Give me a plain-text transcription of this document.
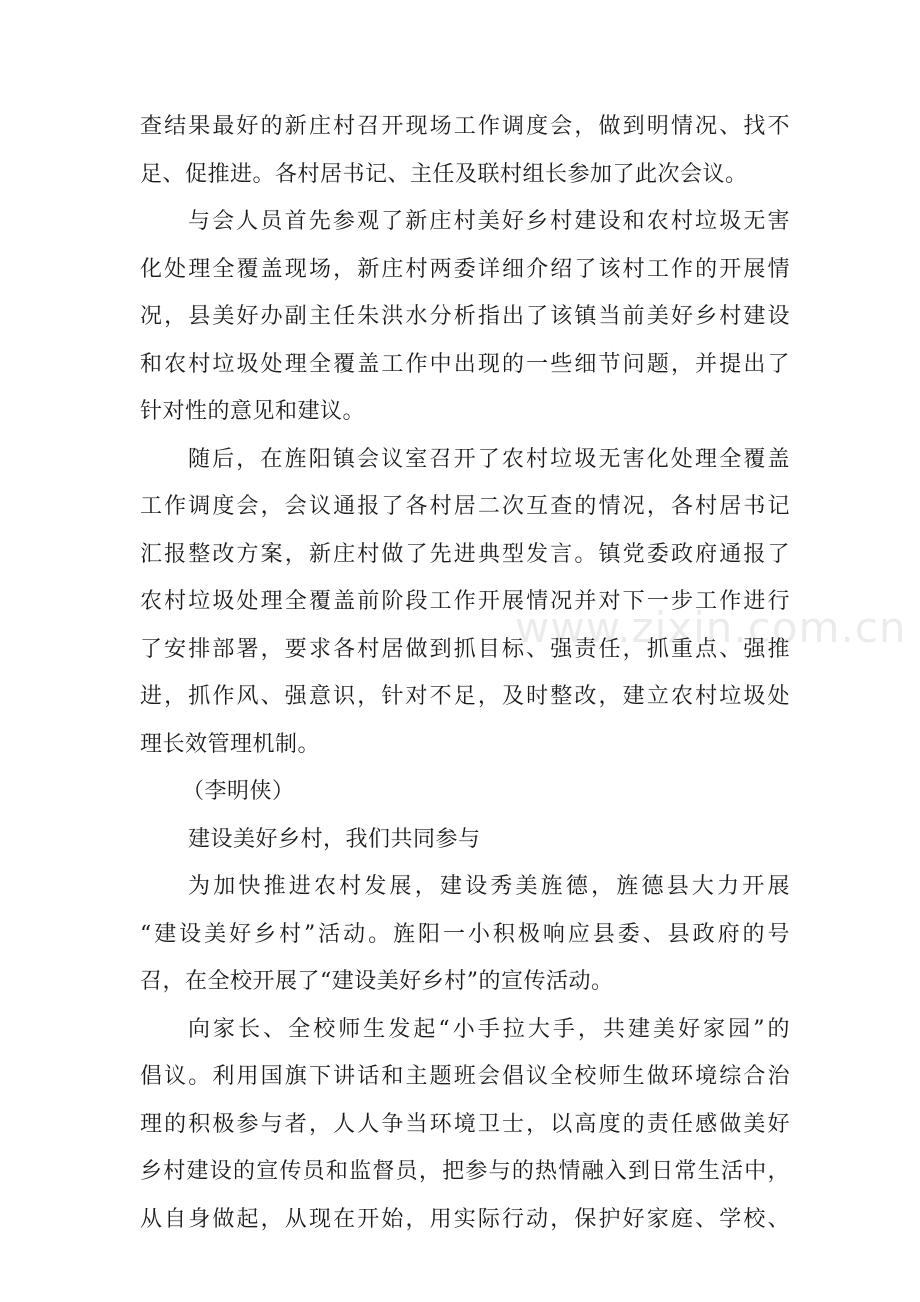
查结果最好的新庄村召开现场工作调度会，做到明情况、找不
足、促推进。各村居书记、主任及联村组长参加了此次会议。
与会人员首先参观了新庄村美好乡村建设和农村垃圾无害
化处理全覆盖现场，新庄村两委详细介绍了该村工作的开展情
况，县美好办副主任朱洪水分析指出了该镇当前美好乡村建设
和农村垃圾处理全覆盖工作中出现的一些细节问题，并提出了
针对性的意见和建议。
随后，在旌阳镇会议室召开了农村垃圾无害化处理全覆盖
工作调度会，会议通报了各村居二次互查的情况，各村居书记
汇报整改方案，新庄村做了先进典型发言。镇党委政府通报了
农村垃圾处理全覆盖前阶段工作开展情况并对下一步工作进行
了安排部署，要求各村居做到抓目标、强责任，抓重点、强推
进，抓作风、强意识，针对不足，及时整改，建立农村垃圾处
理长效管理机制。
（李明侠）
建设美好乡村，我们共同参与
为加快推进农村发展，建设秀美旌德，旌德县大力开展
“建设美好乡村”活动。旌阳一小积极响应县委、县政府的号
召，在全校开展了“建设美好乡村”的宣传活动。
向家长、全校师生发起“小手拉大手，共建美好家园”的
倡议。利用国旗下讲话和主题班会倡议全校师生做环境综合治
理的积极参与者，人人争当环境卫士，以高度的责任感做美好
乡村建设的宣传员和监督员，把参与的热情融入到日常生活中，
从自身做起，从现在开始，用实际行动，保护好家庭、学校、
www.zixin.com.cn
